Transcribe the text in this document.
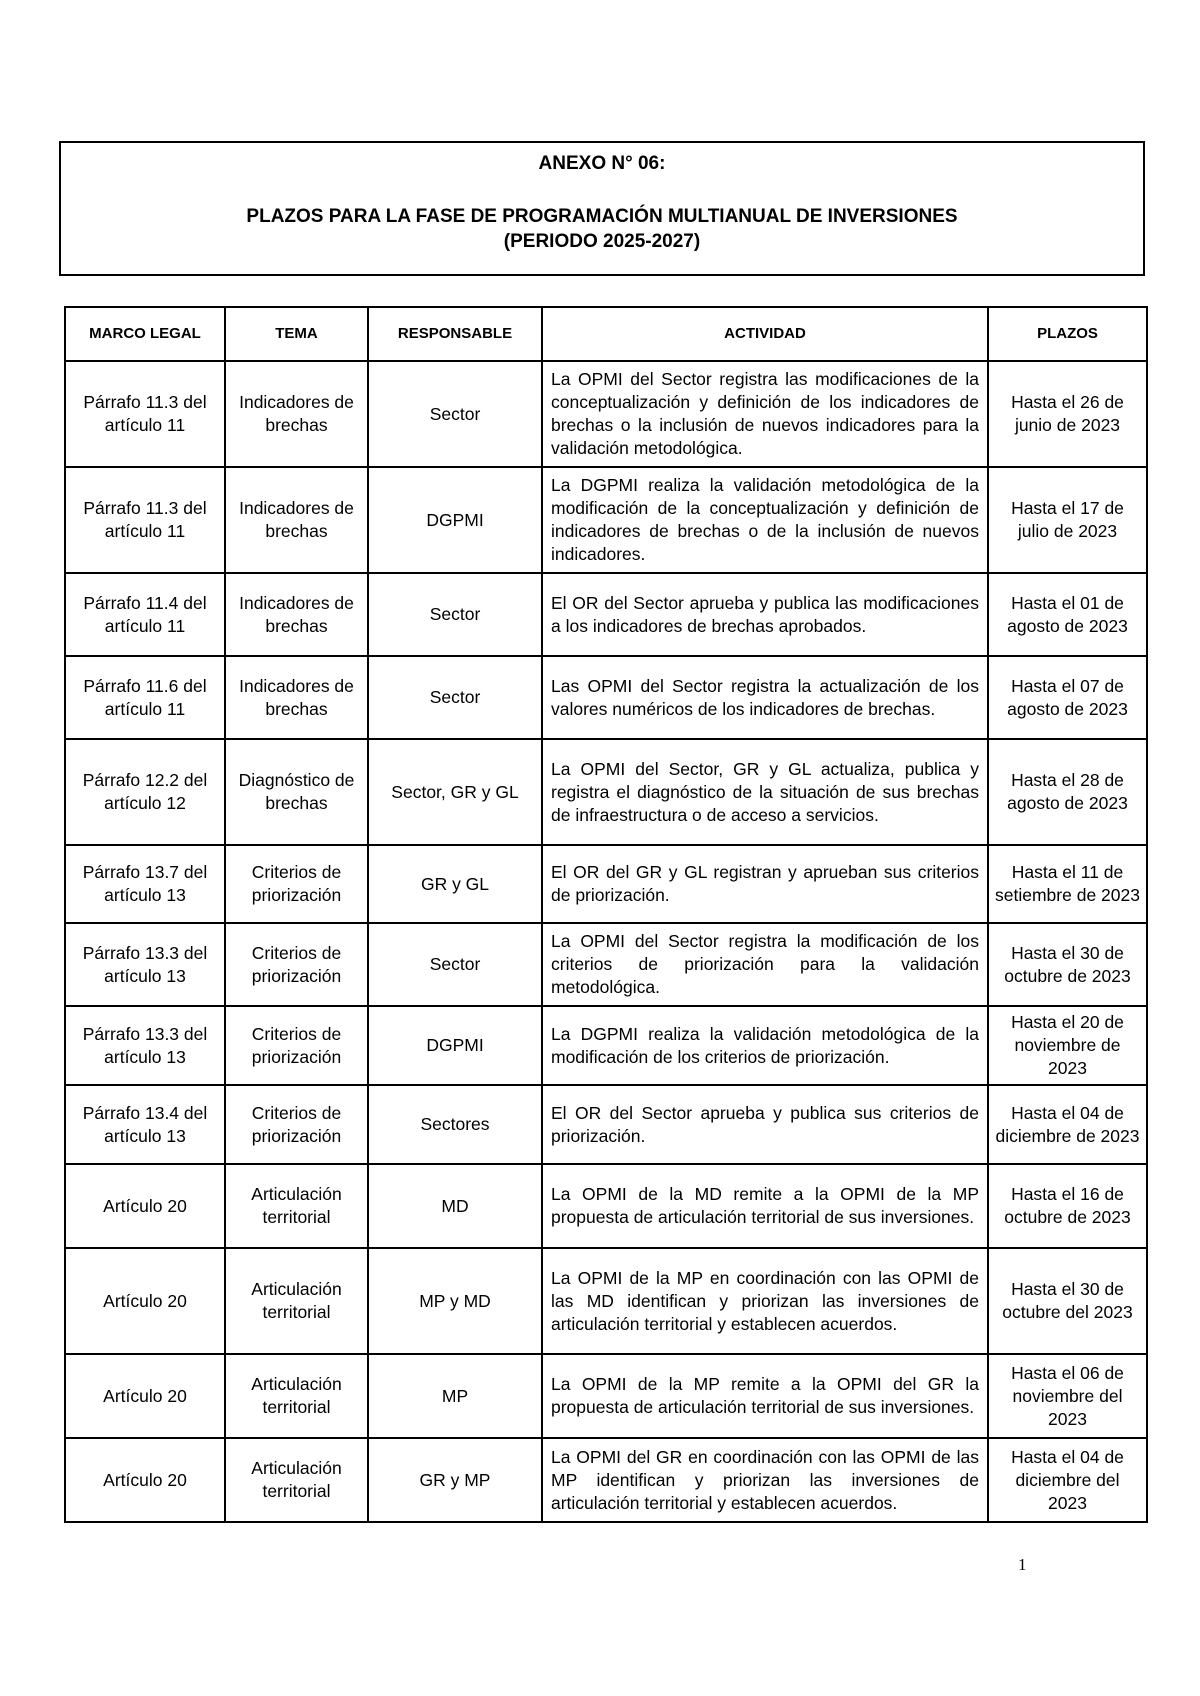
ANEXO N° 06:
PLAZOS PARA LA FASE DE PROGRAMACIÓN MULTIANUAL DE INVERSIONES
(PERIODO 2025-2027)
MARCO LEGAL	TEMA	RESPONSABLE	ACTIVIDAD	PLAZOS
Párrafo 11.3 del artículo 11	Indicadores de brechas	Sector	La OPMI del Sector registra las modificaciones de la conceptualización y definición de los indicadores de brechas o la inclusión de nuevos indicadores para la validación metodológica.	Hasta el 26 de junio de 2023
Párrafo 11.3 del artículo 11	Indicadores de brechas	DGPMI	La DGPMI realiza la validación metodológica de la modificación de la conceptualización y definición de indicadores de brechas o de la inclusión de nuevos indicadores.	Hasta el 17 de julio de 2023
Párrafo 11.4 del artículo 11	Indicadores de brechas	Sector	El OR del Sector aprueba y publica las modificaciones a los indicadores de brechas aprobados.	Hasta el 01 de agosto de 2023
Párrafo 11.6 del artículo 11	Indicadores de brechas	Sector	Las OPMI del Sector registra la actualización de los valores numéricos de los indicadores de brechas.	Hasta el 07 de agosto de 2023
Párrafo 12.2 del artículo 12	Diagnóstico de brechas	Sector, GR y GL	La OPMI del Sector, GR y GL actualiza, publica y registra el diagnóstico de la situación de sus brechas de infraestructura o de acceso a servicios.	Hasta el 28 de agosto de 2023
Párrafo 13.7 del artículo 13	Criterios de priorización	GR y GL	El OR del GR y GL registran y aprueban sus criterios de priorización.	Hasta el 11 de setiembre de 2023
Párrafo 13.3 del artículo 13	Criterios de priorización	Sector	La OPMI del Sector registra la modificación de los criterios de priorización para la validación metodológica.	Hasta el 30 de octubre de 2023
Párrafo 13.3 del artículo 13	Criterios de priorización	DGPMI	La DGPMI realiza la validación metodológica de la modificación de los criterios de priorización.	Hasta el 20 de noviembre de 2023
Párrafo 13.4 del artículo 13	Criterios de priorización	Sectores	El OR del Sector aprueba y publica sus criterios de priorización.	Hasta el 04 de diciembre de 2023
Artículo 20	Articulación territorial	MD	La OPMI de la MD remite a la OPMI de la MP propuesta de articulación territorial de sus inversiones.	Hasta el 16 de octubre de 2023
Artículo 20	Articulación territorial	MP y MD	La OPMI de la MP en coordinación con las OPMI de las MD identifican y priorizan las inversiones de articulación territorial y establecen acuerdos.	Hasta el 30 de octubre del 2023
Artículo 20	Articulación territorial	MP	La OPMI de la MP remite a la OPMI del GR la propuesta de articulación territorial de sus inversiones.	Hasta el 06 de noviembre del 2023
Artículo 20	Articulación territorial	GR y MP	La OPMI del GR en coordinación con las OPMI de las MP identifican y priorizan las inversiones de articulación territorial y establecen acuerdos.	Hasta el 04 de diciembre del 2023
1
